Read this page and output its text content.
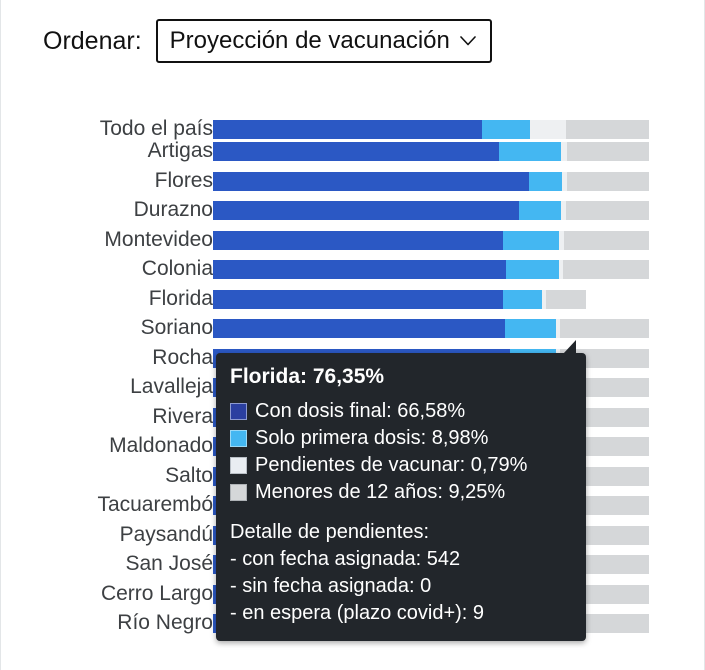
Ordenar: Proyección de vacunación
Todo el país
Artigas
Flores
Durazno
Montevideo
Colonia
Florida
Soriano
Rocha
Lavalleja
Rivera
Maldonado
Salto
Tacuarembó
Paysandú
San José
Cerro Largo
Río Negro
Florida: 76,35%
Con dosis final: 66,58%
Solo primera dosis: 8,98%
Pendientes de vacunar: 0,79%
Menores de 12 años: 9,25%
Detalle de pendientes:
- con fecha asignada: 542
- sin fecha asignada: 0
- en espera (plazo covid+): 9
